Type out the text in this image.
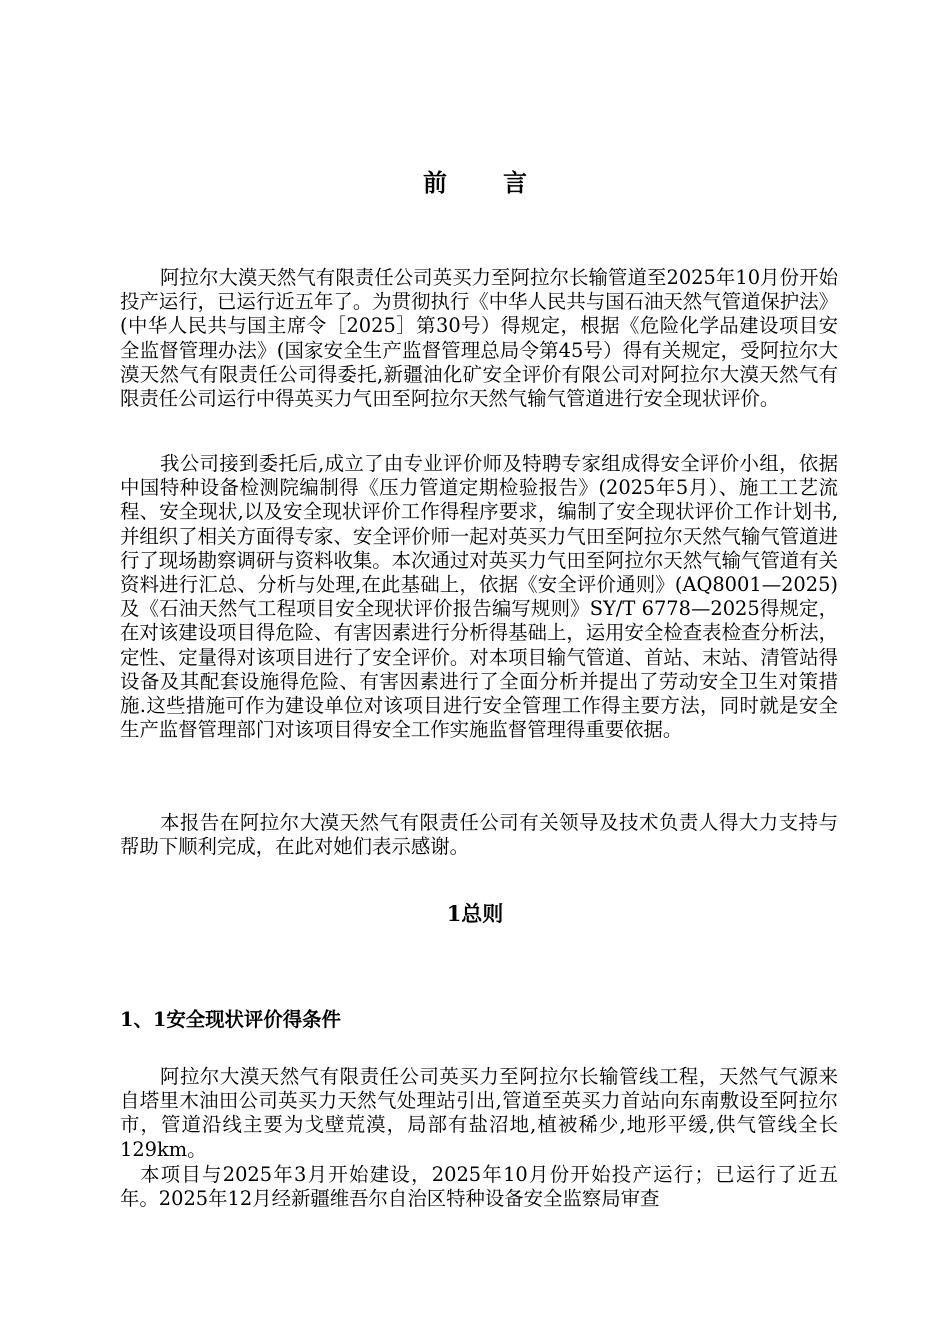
前言

阿拉尔大漠天然气有限责任公司英买力至阿拉尔长输管道至2025年10月份开始投产运行，已运行近五年了。为贯彻执行《中华人民共与国石油天然气管道保护法》(中华人民共与国主席令［2025］第30号）得规定，根据《危险化学品建设项目安全监督管理办法》(国家安全生产监督管理总局令第45号）得有关规定，受阿拉尔大漠天然气有限责任公司得委托,新疆油化矿安全评价有限公司对阿拉尔大漠天然气有限责任公司运行中得英买力气田至阿拉尔天然气输气管道进行安全现状评价。

我公司接到委托后,成立了由专业评价师及特聘专家组成得安全评价小组，依据中国特种设备检测院编制得《压力管道定期检验报告》(2025年5月）、施工工艺流程、安全现状,以及安全现状评价工作得程序要求，编制了安全现状评价工作计划书,并组织了相关方面得专家、安全评价师一起对英买力气田至阿拉尔天然气输气管道进行了现场勘察调研与资料收集。本次通过对英买力气田至阿拉尔天然气输气管道有关资料进行汇总、分析与处理,在此基础上，依据《安全评价通则》(AQ8001—2025)及《石油天然气工程项目安全现状评价报告编写规则》SY/T 6778—2025得规定，在对该建设项目得危险、有害因素进行分析得基础上，运用安全检查表检查分析法，定性、定量得对该项目进行了安全评价。对本项目输气管道、首站、末站、清管站得设备及其配套设施得危险、有害因素进行了全面分析并提出了劳动安全卫生对策措施.这些措施可作为建设单位对该项目进行安全管理工作得主要方法，同时就是安全生产监督管理部门对该项目得安全工作实施监督管理得重要依据。

本报告在阿拉尔大漠天然气有限责任公司有关领导及技术负责人得大力支持与帮助下顺利完成，在此对她们表示感谢。

1总则
1、1安全现状评价得条件

阿拉尔大漠天然气有限责任公司英买力至阿拉尔长输管线工程，天然气气源来自塔里木油田公司英买力天然气处理站引出,管道至英买力首站向东南敷设至阿拉尔市，管道沿线主要为戈壁荒漠，局部有盐沼地,植被稀少,地形平缓,供气管线全长129km。

本项目与2025年3月开始建设，2025年10月份开始投产运行；已运行了近五年。2025年12月经新疆维吾尔自治区特种设备安全监察局审查
